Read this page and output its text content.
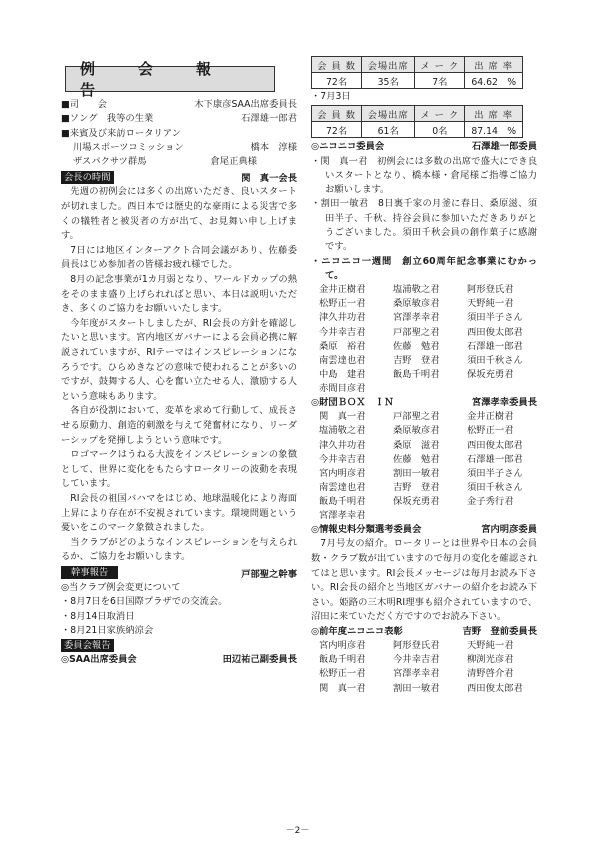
例　会　報　告
■司　　会	木下康彦SAA出席委員長
■ソング　我等の生業	石澤雄一郎君
■来賓及び来訪ロータリアン
川場スポーツコミッション	橋本　淳様
ザスパクサツ群馬	倉尾正典様
会長の時間	関　真一会長

先週の初例会には多くの出席いただき、良いスタートが切れました。西日本では歴史的な豪雨による災害で多くの犠牲者と被災者の方が出て、お見舞い申し上げます。

7日には地区インターアクト合同会議があり、佐藤委員長はじめ参加者の皆様お疲れ様でした。

8月の記念事業が1カ月弱となり、ワールドカップの熱をそのまま盛り上げられればと思い、本日は説明いただき、多くのご協力をお願いいたします。

今年度がスタートしましたが、RI会長の方針を確認したいと思います。宮内地区ガバナーによる会員必携に解説されていますが、RIテーマはインスピレーションになろうです。ひらめきなどの意味で使われることが多いのですが、鼓舞する人、心を奮い立たせる人、激励する人という意味もあります。

各自が役割において、変革を求めて行動して、成長させる原動力、創造的刺激を与えて発奮材になり、リーダーシップを発揮しようという意味です。

ロゴマークはうねる大波をインスピレーションの象徴として、世界に変化をもたらすロータリーの波動を表現しています。

RI会長の祖国バハマをはじめ、地球温暖化により海面上昇により存在が不安視されています。環境問題という憂いをこのマーク象徴されました。

当クラブがどのようなインスピレーションを与えられるか、ご協力をお願いします。

幹事報告	戸部聖之幹事
◎当クラブ例会変更について
・8月7日を6日国際プラザでの交流会。
・8月14日取消日
・8月21日家族納涼会
委員会報告
◎SAA出席委員会	田辺祐己副委員長
会 員 数	会場出席	メ ー ク	出 席 率
72名	35名	7名	64.62　%
・7月3日
会 員 数	会場出席	メ ー ク	出 席 率
72名	61名	0名	87.14　%
◎ニコニコ委員会	石澤雄一郎委員
・関　真一君　初例会には多数の出席で盛大にでき良いスタートとなり、橋本様・倉尾様ご指導ご協力お願いします。
・割田一敏君　8日裏千家の月釜に春日、桑原滋、須田半子、千秋、持谷会員に参加いただきありがとうございました。須田千秋会員の創作菓子に感謝です。
・ニコニコ一週間　創立60周年記念事業にむかって。
金井正樹君	塩浦敬之君	阿形登氏君
松野正一君	桑原敏彦君	天野純一君
津久井功君	宮澤孝幸君	須田半子さん
今井幸吉君	戸部聖之君	西田俊太郎君
桑原　裕君	佐藤　勉君	石澤雄一郎君
南雲達也君	吉野　登君	須田千秋さん
中島　建君	飯島千明君	保坂充勇君
赤間目彦君
◎財団ＢＯＸ　ＩＮ	宮澤孝幸委員長
関　真一君	戸部聖之君	金井正樹君
塩浦敬之君	桑原敏彦君	松野正一君
津久井功君	桑原　滋君	西田俊太郎君
今井幸吉君	佐藤　勉君	石澤雄一郎君
宮内明彦君	割田一敏君	須田半子さん
南雲達也君	吉野　登君	須田千秋さん
飯島千明君	保坂充勇君	金子秀行君
宮澤孝幸君
◎情報史料分類選考委員会	宮内明彦委員

7月号友の紹介。ロータリーとは世界や日本の会員数・クラブ数が出ていますので毎月の変化を確認されてはと思います。RI会長メッセージは毎月お読み下さい。RI会長の紹介と当地区ガバナーの紹介をお読み下さい。姫路の三木明RI理事も紹介されていますので、沼田に来ていただく方ですのでお読み下さい。

◎前年度ニコニコ表彰	吉野　登前委員長
宮内明彦君	阿形登氏君	天野純一君
飯島千明君	今井幸吉君	柳渕光彦君
松野正一君	宮澤孝幸君	清野啓介君
関　真一君	割田一敏君	西田俊太郎君
－2－
